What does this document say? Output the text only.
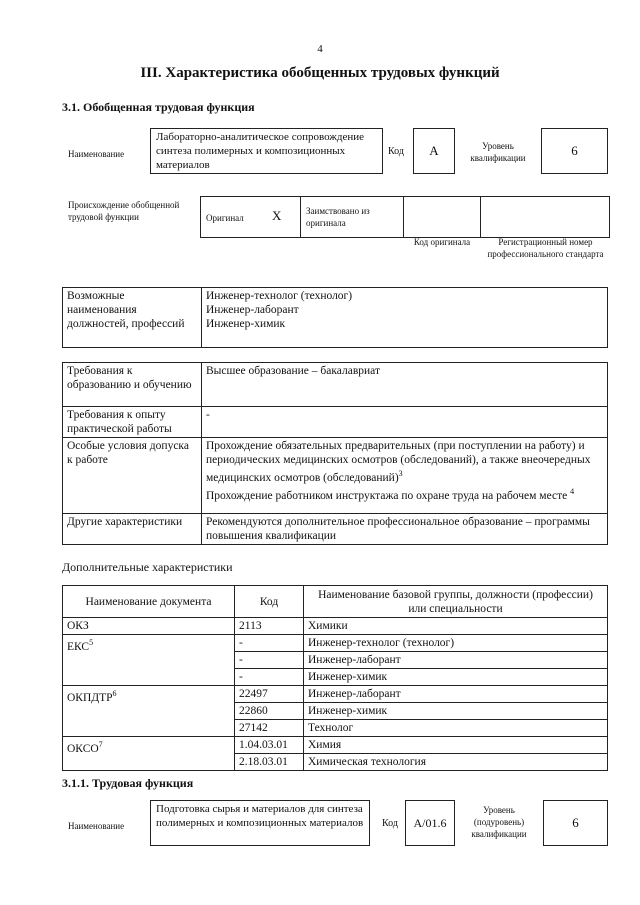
4
III. Характеристика обобщенных трудовых функций
3.1. Обобщенная трудовая функция
Наименование
Лабораторно-аналитическое сопровождение синтеза полимерных и композиционных материалов
Код	A	Уровень квалификации	6
Происхождение обобщенной трудовой функции	Оригинал X	Заимствовано из оригинала
Код оригинала	Регистрационный номер профессионального стандарта
Возможные наименования должностей, профессий	
Инженер-технолог (технолог)
Инженер-лаборант
Инженер-химик
Требования к образованию и обучению	Высшее образование – бакалавриат
Требования к опыту практической работы	-
Особые условия допуска к работе	Прохождение обязательных предварительных (при поступлении на работу) и периодических медицинских осмотров (обследований), а также внеочередных медицинских осмотров (обследований)$^3$
Прохождение работником инструктажа по охране труда на рабочем месте $^4$
Другие характеристики	Рекомендуются дополнительное профессиональное образование – программы повышения квалификации
Дополнительные характеристики
Наименование документа	Код	Наименование базовой группы, должности (профессии) или специальности
ОКЗ	2113	Химики
ЕКС$^5$	-	Инженер-технолог (технолог)
	-	Инженер-лаборант
	-	Инженер-химик
ОКПДТР$^6$	22497	Инженер-лаборант
	22860	Инженер-химик
	27142	Технолог
ОКСО$^7$	1.04.03.01	Химия
	2.18.03.01	Химическая технология
3.1.1. Трудовая функция
Наименование
Подготовка сырья и материалов для синтеза полимерных и композиционных материалов	Код	A/01.6
Уровень (подуровень) квалификации
6
